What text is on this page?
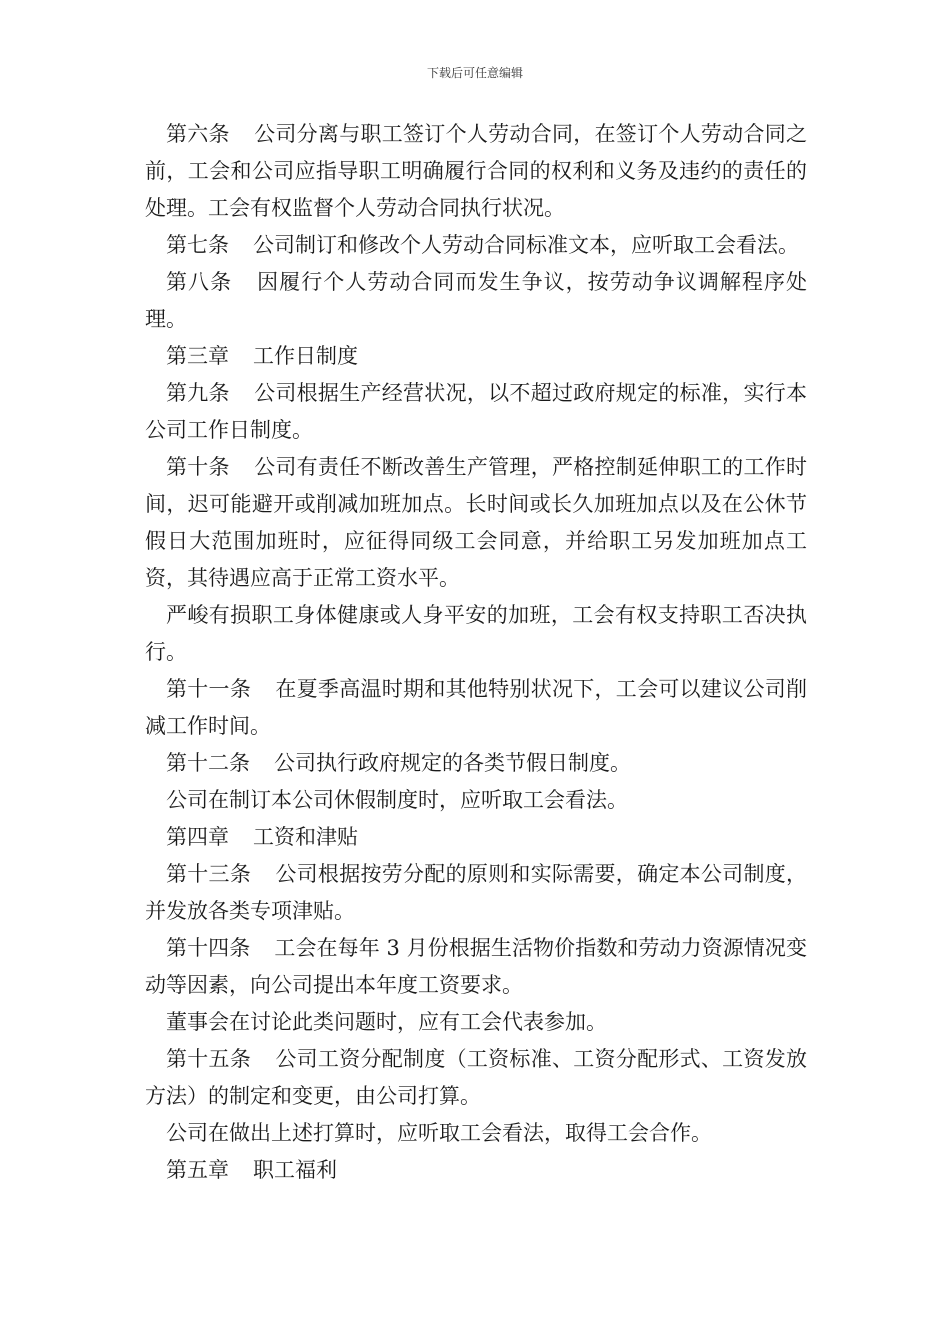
下载后可任意编辑

第六条 公司分离与职工签订个人劳动合同，在签订个人劳动合同之前，工会和公司应指导职工明确履行合同的权利和义务及违约的责任的处理。工会有权监督个人劳动合同执行状况。

第七条 公司制订和修改个人劳动合同标准文本，应听取工会看法。

第八条 因履行个人劳动合同而发生争议，按劳动争议调解程序处理。

第三章 工作日制度

第九条 公司根据生产经营状况，以不超过政府规定的标准，实行本公司工作日制度。

第十条 公司有责任不断改善生产管理，严格控制延伸职工的工作时间，迟可能避开或削减加班加点。长时间或长久加班加点以及在公休节假日大范围加班时，应征得同级工会同意，并给职工另发加班加点工资，其待遇应高于正常工资水平。

严峻有损职工身体健康或人身平安的加班，工会有权支持职工否决执行。

第十一条 在夏季高温时期和其他特别状况下，工会可以建议公司削减工作时间。

第十二条 公司执行政府规定的各类节假日制度。

公司在制订本公司休假制度时，应听取工会看法。

第四章 工资和津贴

第十三条 公司根据按劳分配的原则和实际需要，确定本公司制度，并发放各类专项津贴。

第十四条 工会在每年 3 月份根据生活物价指数和劳动力资源情况变动等因素，向公司提出本年度工资要求。

董事会在讨论此类问题时，应有工会代表参加。

第十五条 公司工资分配制度（工资标准、工资分配形式、工资发放方法）的制定和变更，由公司打算。

公司在做出上述打算时，应听取工会看法，取得工会合作。

第五章 职工福利
